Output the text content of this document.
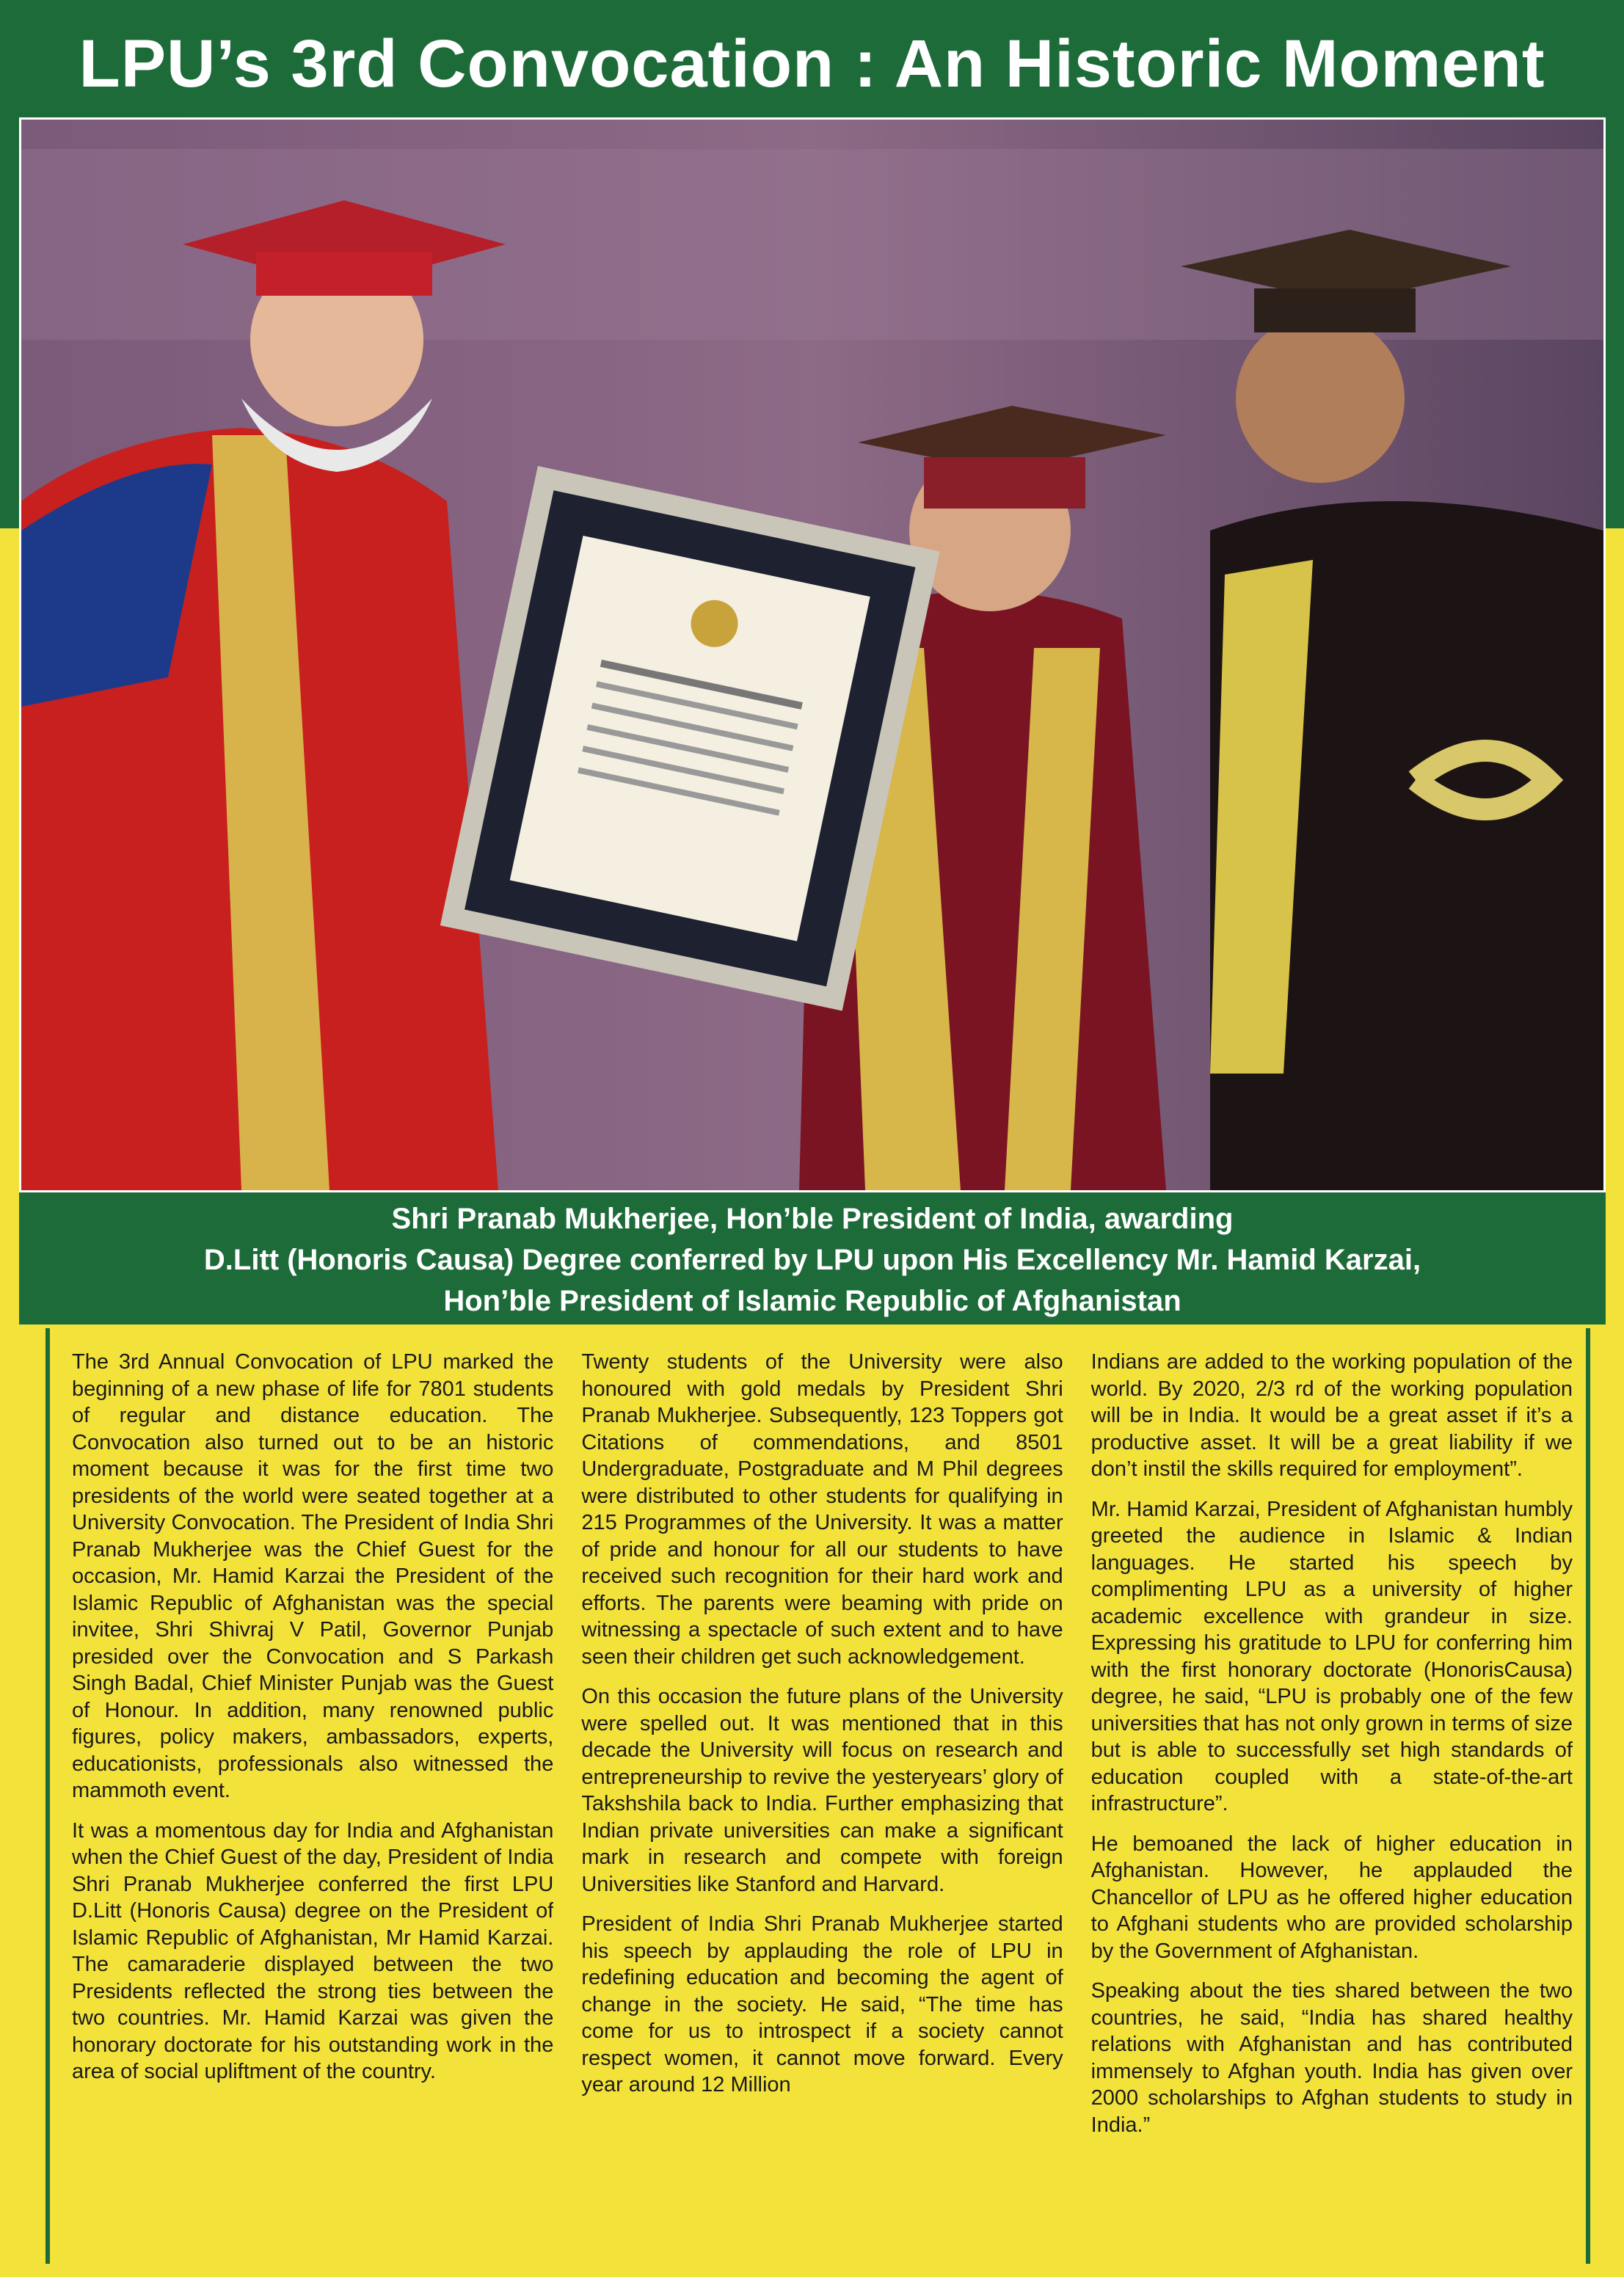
LPU’s 3rd Convocation : An Historic Moment
Shri Pranab Mukherjee, Hon’ble President of India, awarding
D.Litt (Honoris Causa) Degree conferred by LPU upon His Excellency Mr. Hamid Karzai,
Hon’ble President of Islamic Republic of Afghanistan

The 3rd Annual Convocation of LPU marked the beginning of a new phase of life for 7801 students of regular and distance education. The Convocation also turned out to be an historic moment because it was for the first time two presidents of the world were seated together at a University Convocation. The President of India Shri Pranab Mukherjee was the Chief Guest for the occasion, Mr. Hamid Karzai the President of the Islamic Republic of Afghanistan was the special invitee, Shri Shivraj V Patil, Governor Punjab presided over the Convocation and S Parkash Singh Badal, Chief Minister Punjab was the Guest of Honour. In addition, many renowned public figures, policy makers, ambassadors, experts, educationists, professionals also witnessed the mammoth event.

It was a momentous day for India and Afghanistan when the Chief Guest of the day, President of India Shri Pranab Mukherjee conferred the first LPU D.Litt (Honoris Causa) degree on the President of Islamic Republic of Afghanistan, Mr Hamid Karzai. The camaraderie displayed between the two Presidents reflected the strong ties between the two countries. Mr. Hamid Karzai was given the honorary doctorate for his outstanding work in the area of social upliftment of the country.

Twenty students of the University were also honoured with gold medals by President Shri Pranab Mukherjee. Subsequently, 123 Toppers got Citations of commendations, and 8501 Undergraduate, Postgraduate and M Phil degrees were distributed to other students for qualifying in 215 Programmes of the University. It was a matter of pride and honour for all our students to have received such recognition for their hard work and efforts. The parents were beaming with pride on witnessing a spectacle of such extent and to have seen their children get such acknowledgement.

On this occasion the future plans of the University were spelled out. It was mentioned that in this decade the University will focus on research and entrepreneurship to revive the yesteryears’ glory of Takshshila back to India. Further emphasizing that Indian private universities can make a significant mark in research and compete with foreign Universities like Stanford and Harvard.

President of India Shri Pranab Mukherjee started his speech by applauding the role of LPU in redefining education and becoming the agent of change in the society. He said, “The time has come for us to introspect if a society cannot respect women, it cannot move forward. Every year around 12 Million

Indians are added to the working population of the world. By 2020, 2/3 rd of the working population will be in India. It would be a great asset if it’s a productive asset. It will be a great liability if we don’t instil the skills required for employment”.

Mr. Hamid Karzai, President of Afghanistan humbly greeted the audience in Islamic & Indian languages. He started his speech by complimenting LPU as a university of higher academic excellence with grandeur in size. Expressing his gratitude to LPU for conferring him with the first honorary doctorate (HonorisCausa) degree, he said, “LPU is probably one of the few universities that has not only grown in terms of size but is able to successfully set high standards of education coupled with a state-of-the-art infrastructure”.

He bemoaned the lack of higher education in Afghanistan. However, he applauded the Chancellor of LPU as he offered higher education to Afghani students who are provided scholarship by the Government of Afghanistan.

Speaking about the ties shared between the two countries, he said, “India has shared healthy relations with Afghanistan and has contributed immensely to Afghan youth. India has given over 2000 scholarships to Afghan students to study in India.”
